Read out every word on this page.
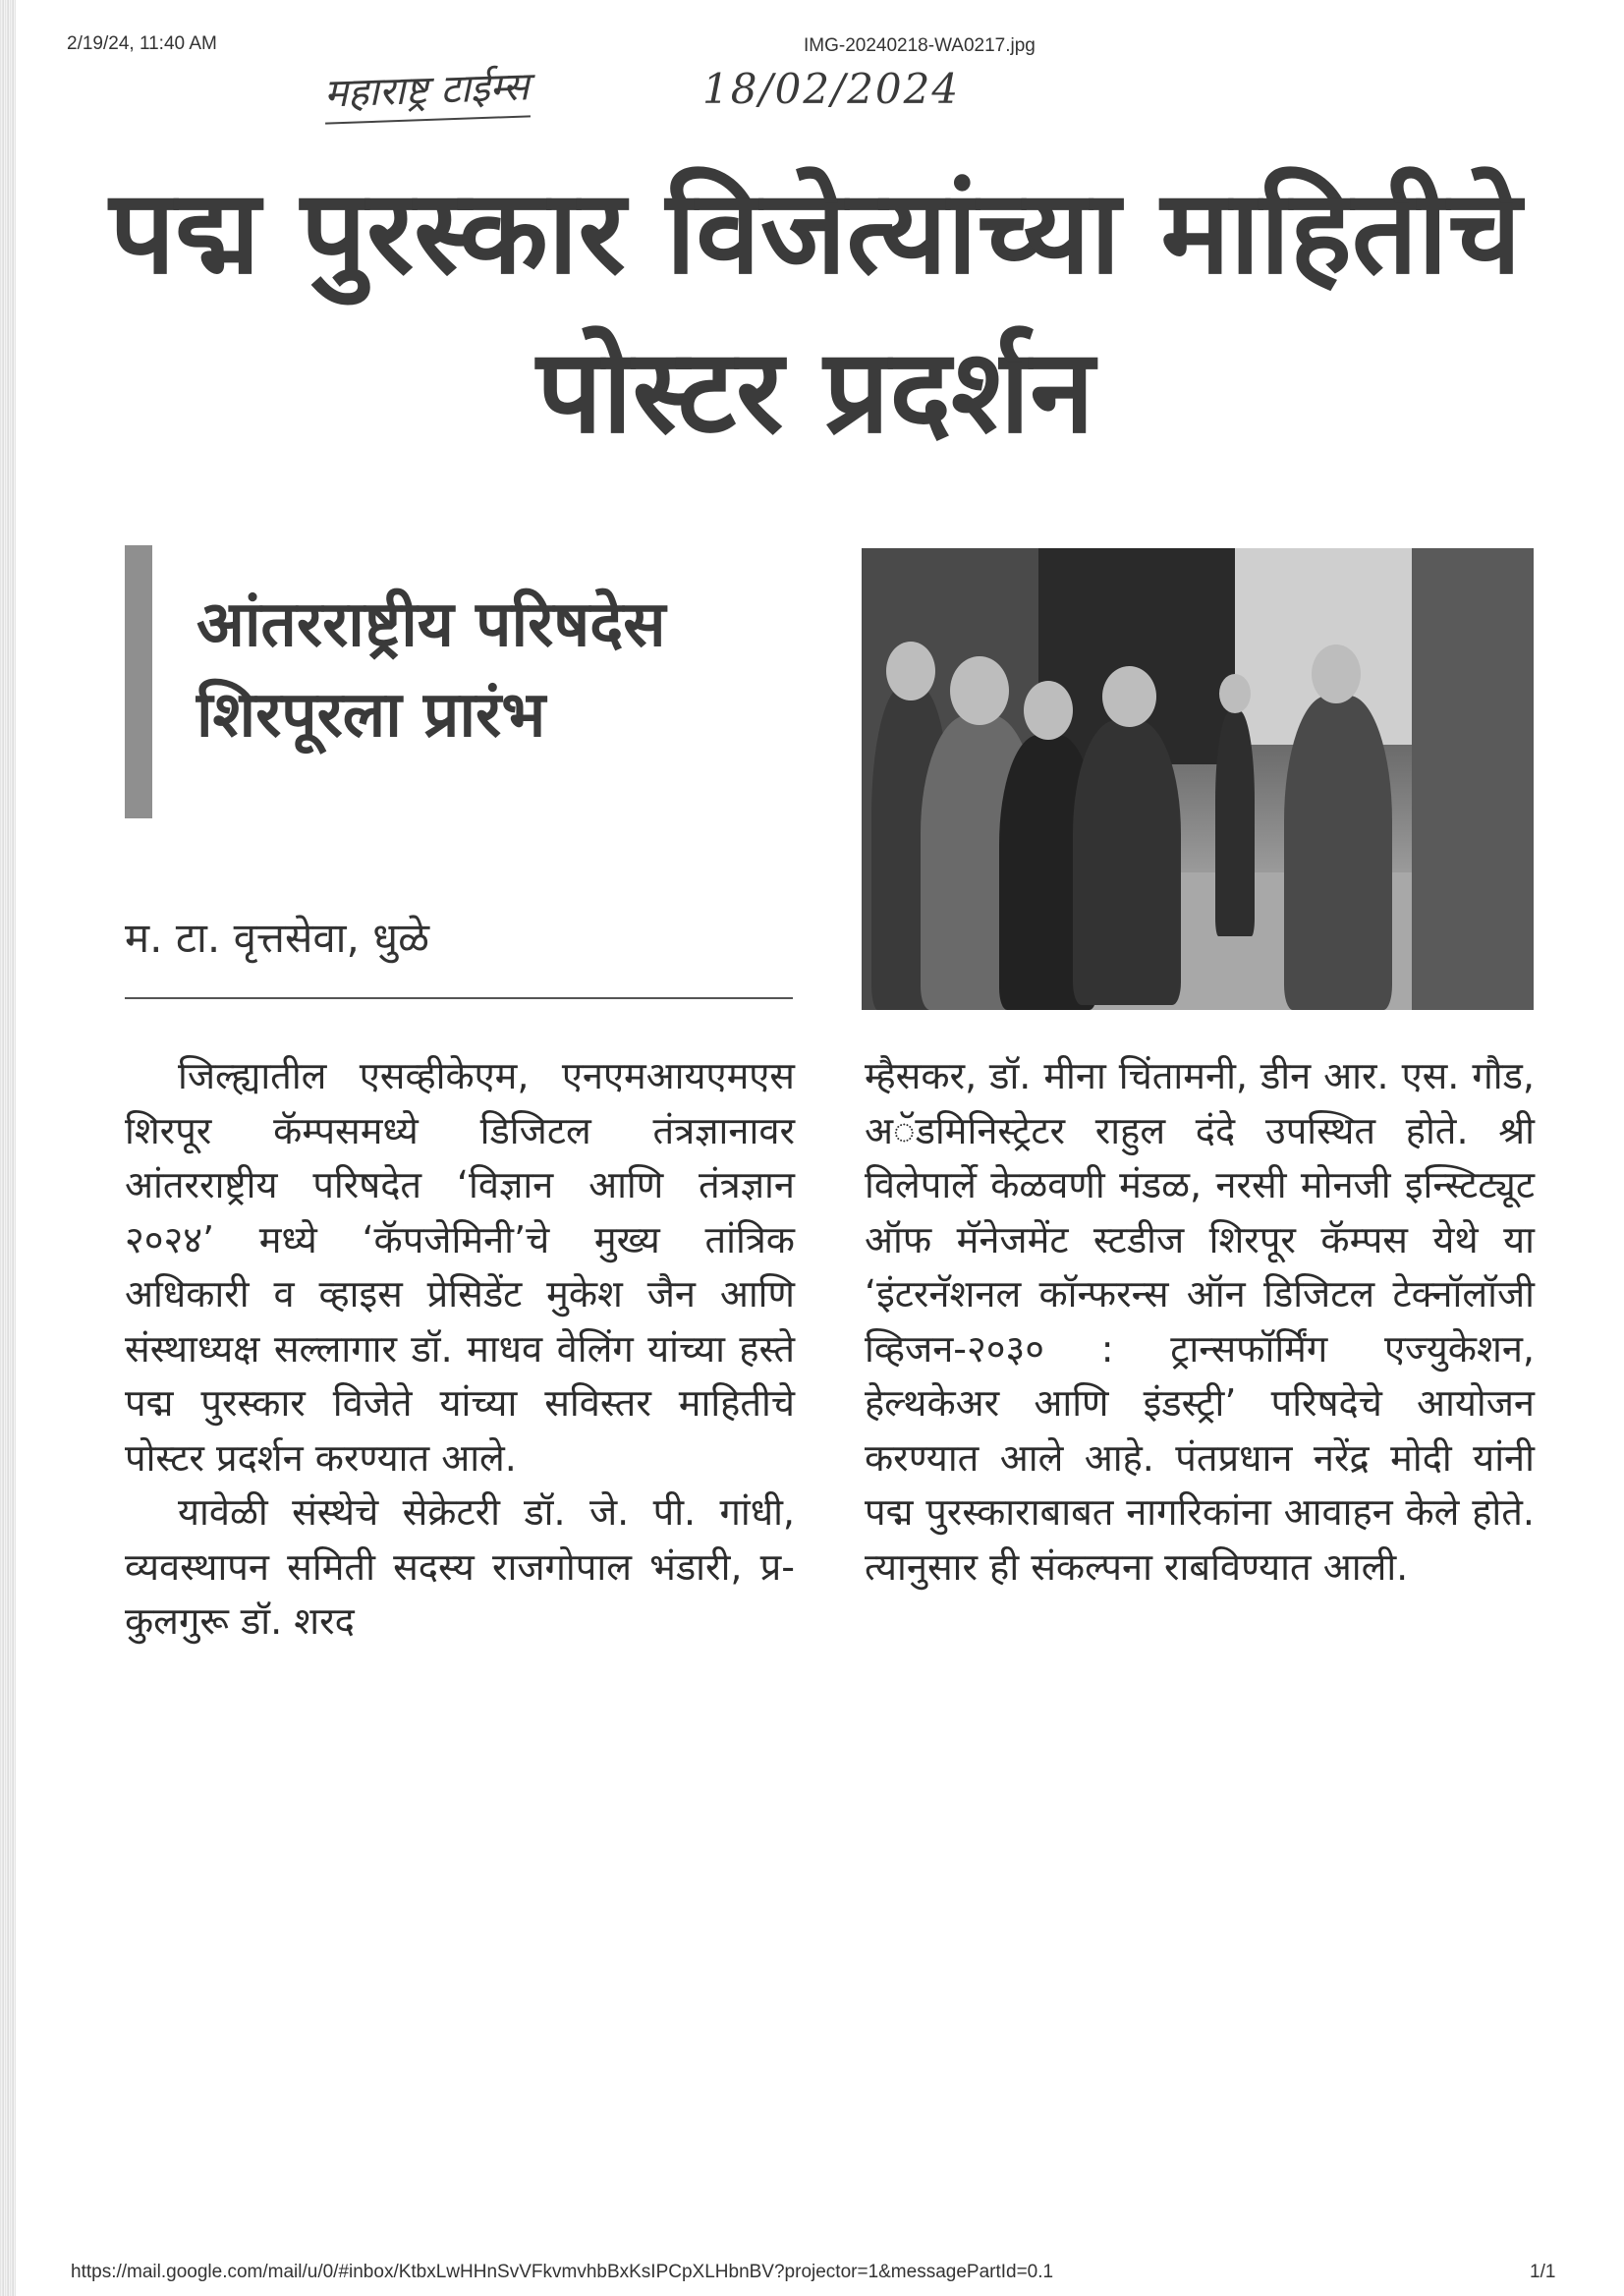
2/19/24, 11:40 AM	IMG-20240218-WA0217.jpg
महाराष्ट्र टाईम्स	18/02/2024
पद्म पुरस्कार विजेत्यांच्या माहितीचे पोस्टर प्रदर्शन
आंतरराष्ट्रीय परिषदेस शिरपूरला प्रारंभ
म. टा. वृत्तसेवा, धुळे

जिल्ह्यातील एसव्हीकेएम, एनएमआयएमएस शिरपूर कॅम्पसमध्ये डिजिटल तंत्रज्ञानावर आंतरराष्ट्रीय परिषदेत ‘विज्ञान आणि तंत्रज्ञान २०२४’ मध्ये ‘कॅपजेमिनी’चे मुख्य तांत्रिक अधिकारी व व्हाइस प्रेसिडेंट मुकेश जैन आणि संस्थाध्यक्ष सल्लागार डॉ. माधव वेलिंग यांच्या हस्ते पद्म पुरस्कार विजेते यांच्या सविस्तर माहितीचे पोस्टर प्रदर्शन करण्यात आले.

यावेळी संस्थेचे सेक्रेटरी डॉ. जे. पी. गांधी, व्यवस्थापन समिती सदस्य राजगोपाल भंडारी, प्र-कुलगुरू डॉ. शरद

म्हैसकर, डॉ. मीना चिंतामनी, डीन आर. एस. गौड, अॅडमिनिस्ट्रेटर राहुल दंदे उपस्थित होते. श्री विलेपार्ले केळवणी मंडळ, नरसी मोनजी इन्स्टिट्यूट ऑफ मॅनेजमेंट स्टडीज शिरपूर कॅम्पस येथे या ‘इंटरनॅशनल कॉन्फरन्स ऑन डिजिटल टेक्नॉलॉजी व्हिजन-२०३० : ट्रान्सफॉर्मिंग एज्युकेशन, हेल्थकेअर आणि इंडस्ट्री’ परिषदेचे आयोजन करण्यात आले आहे. पंतप्रधान नरेंद्र मोदी यांनी पद्म पुरस्काराबाबत नागरिकांना आवाहन केले होते. त्यानुसार ही संकल्पना राबविण्यात आली.

https://mail.google.com/mail/u/0/#inbox/KtbxLwHHnSvVFkvmvhbBxKsIPCpXLHbnBV?projector=1&messagePartId=0.1	1/1
